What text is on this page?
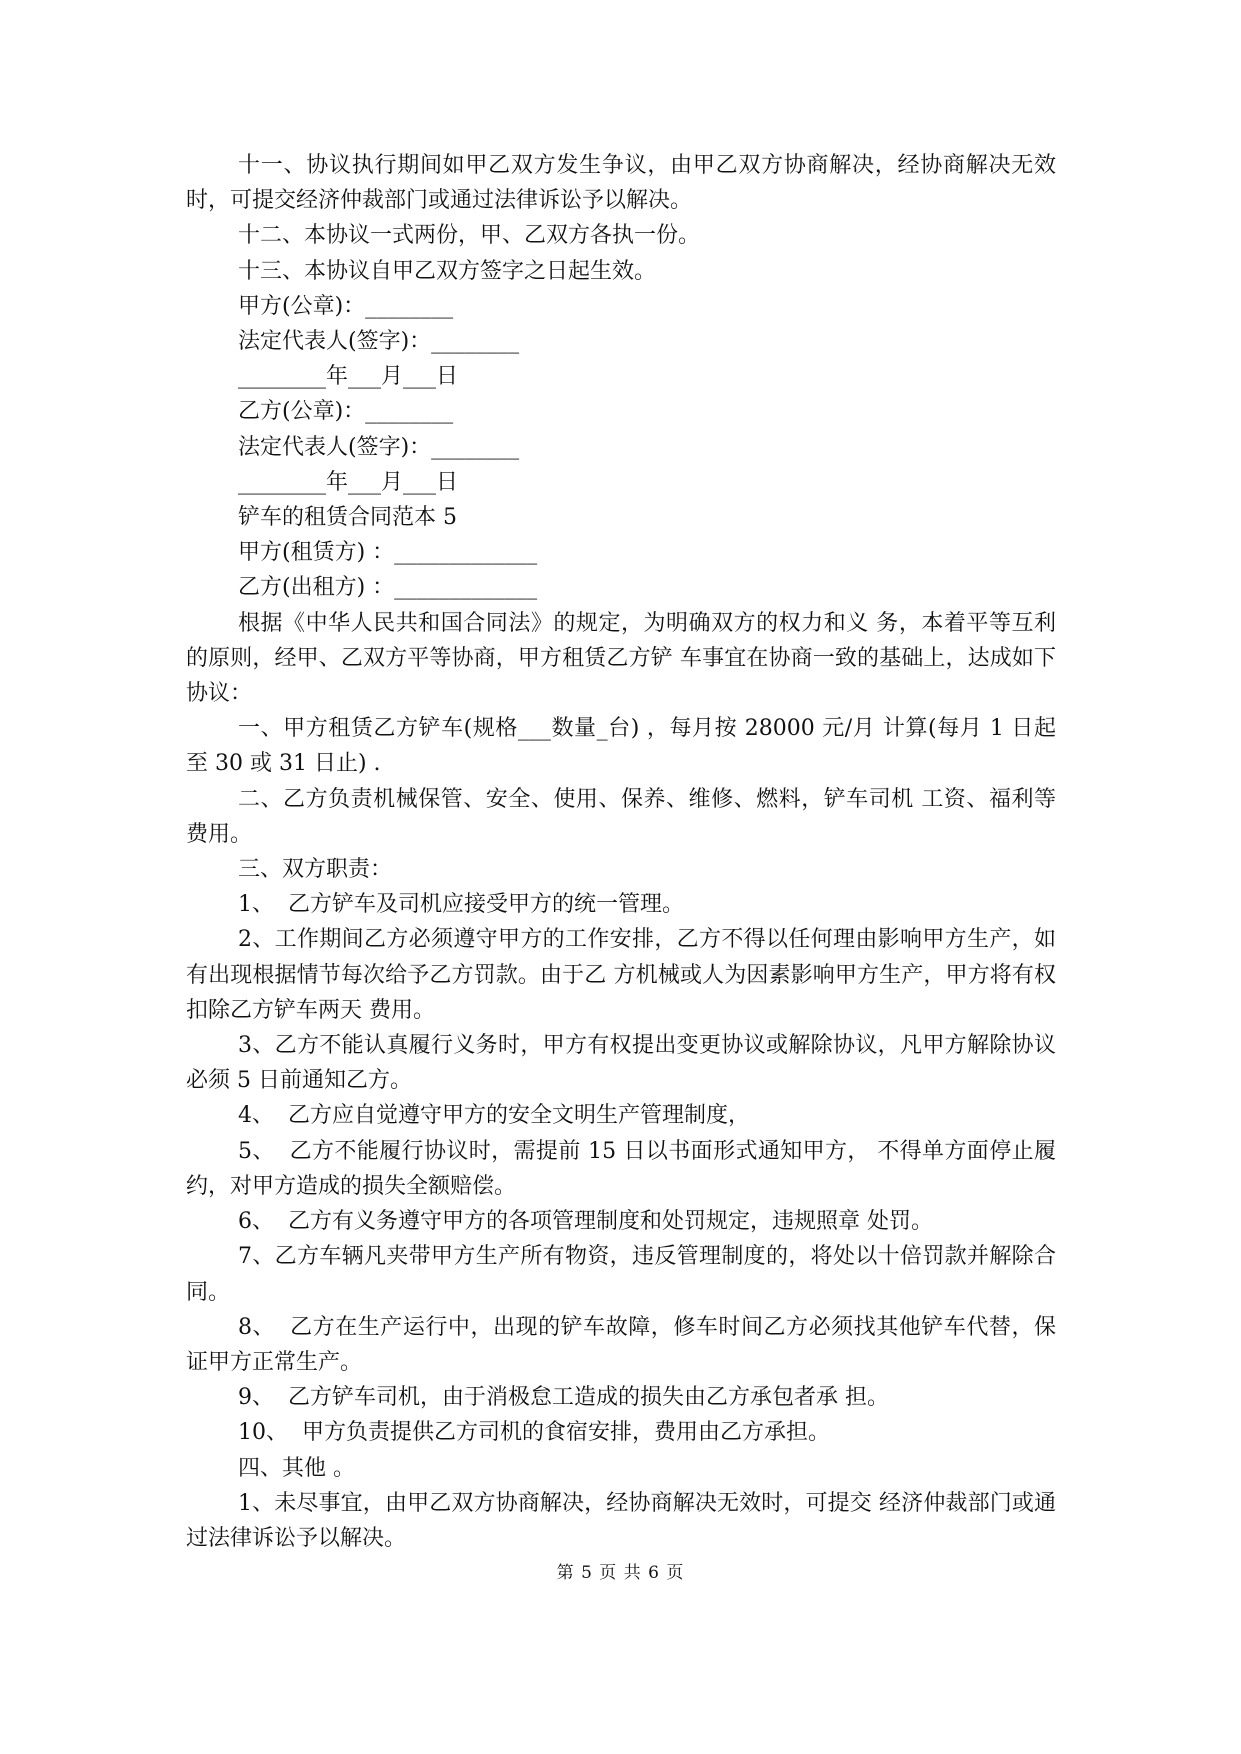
十一、协议执行期间如甲乙双方发生争议，由甲乙双方协商解决，经协商解决无效时，可提交经济仲裁部门或通过法律诉讼予以解决。

十二、本协议一式两份，甲、乙双方各执一份。

十三、本协议自甲乙双方签字之日起生效。

甲方(公章)：________

法定代表人(签字)：________

________年___月___日

乙方(公章)：________

法定代表人(签字)：________

________年___月___日

铲车的租赁合同范本 5

甲方(租赁方) ：_____________

乙方(出租方) ：_____________

根据《中华人民共和国合同法》的规定，为明确双方的权力和义 务，本着平等互利的原则，经甲、乙双方平等协商，甲方租赁乙方铲 车事宜在协商一致的基础上，达成如下协议：

一、甲方租赁乙方铲车(规格___数量_台) ，每月按 28000 元/月 计算(每月 1 日起至 30 或 31 日止) .

二、乙方负责机械保管、安全、使用、保养、维修、燃料，铲车司机 工资、福利等费用。

三、双方职责：

1、  乙方铲车及司机应接受甲方的统一管理。

2、工作期间乙方必须遵守甲方的工作安排，乙方不得以任何理由影响甲方生产，如有出现根据情节每次给予乙方罚款。由于乙 方机械或人为因素影响甲方生产，甲方将有权扣除乙方铲车两天 费用。

3、乙方不能认真履行义务时，甲方有权提出变更协议或解除协议，凡甲方解除协议必须 5 日前通知乙方。

4、  乙方应自觉遵守甲方的安全文明生产管理制度，

5、  乙方不能履行协议时，需提前 15 日以书面形式通知甲方， 不得单方面停止履约，对甲方造成的损失全额赔偿。

6、  乙方有义务遵守甲方的各项管理制度和处罚规定，违规照章 处罚。

7、乙方车辆凡夹带甲方生产所有物资，违反管理制度的，将处以十倍罚款并解除合同。

8、  乙方在生产运行中，出现的铲车故障，修车时间乙方必须找其他铲车代替，保证甲方正常生产。

9、  乙方铲车司机，由于消极怠工造成的损失由乙方承包者承 担。

10、  甲方负责提供乙方司机的食宿安排，费用由乙方承担。

四、其他 。

1、未尽事宜，由甲乙双方协商解决，经协商解决无效时，可提交 经济仲裁部门或通过法律诉讼予以解决。

第 5 页 共 6 页
